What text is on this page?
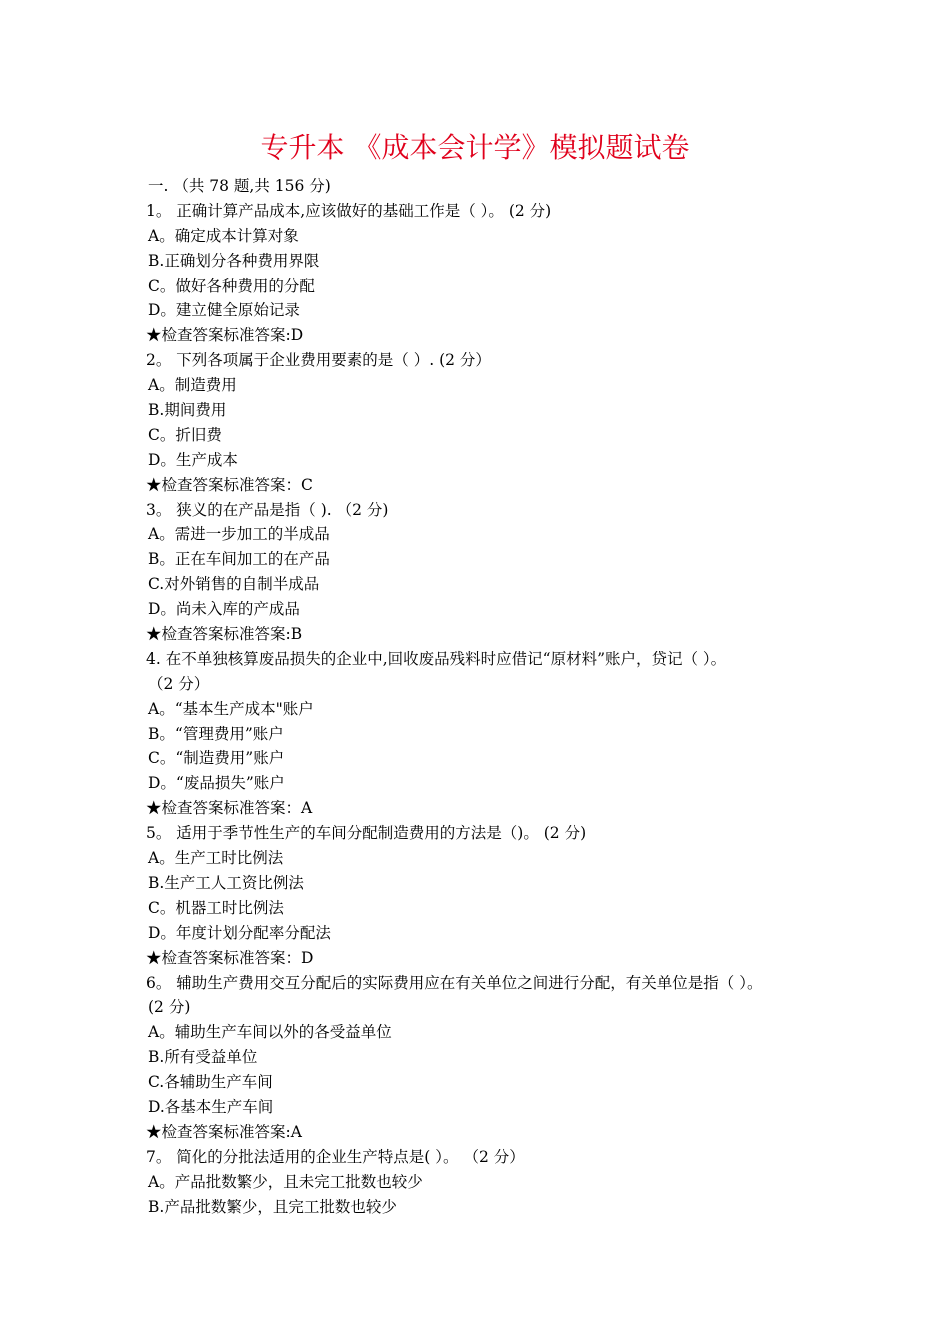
专升本 《成本会计学》模拟题试卷
一. （共 78 题,共 156 分)
1。 正确计算产品成本,应该做好的基础工作是（ ）。 (2 分)
A。确定成本计算对象
B.正确划分各种费用界限
C。做好各种费用的分配
D。建立健全原始记录
★检查答案标准答案:D
2。 下列各项属于企业费用要素的是（ ）. (2 分）
A。制造费用
B.期间费用
C。折旧费
D。生产成本
★检查答案标准答案：C
3。 狭义的在产品是指（ ). （2 分)
A。需进一步加工的半成品
B。正在车间加工的在产品
C.对外销售的自制半成品
D。尚未入库的产成品
★检查答案标准答案:B
4. 在不单独核算废品损失的企业中,回收废品残料时应借记“原材料”账户，贷记（ ）。
（2 分）
A。“基本生产成本"账户
B。“管理费用”账户
C。“制造费用”账户
D。“废品损失”账户
★检查答案标准答案：A
5。 适用于季节性生产的车间分配制造费用的方法是（)。 (2 分)
A。生产工时比例法
B.生产工人工资比例法
C。机器工时比例法
D。年度计划分配率分配法
★检查答案标准答案：D
6。 辅助生产费用交互分配后的实际费用应在有关单位之间进行分配，有关单位是指（ ）。
(2 分)
A。辅助生产车间以外的各受益单位
B.所有受益单位
C.各辅助生产车间
D.各基本生产车间
★检查答案标准答案:A
7。 简化的分批法适用的企业生产特点是( ）。 （2 分）
A。产品批数繁少，且未完工批数也较少
B.产品批数繁少，且完工批数也较少
